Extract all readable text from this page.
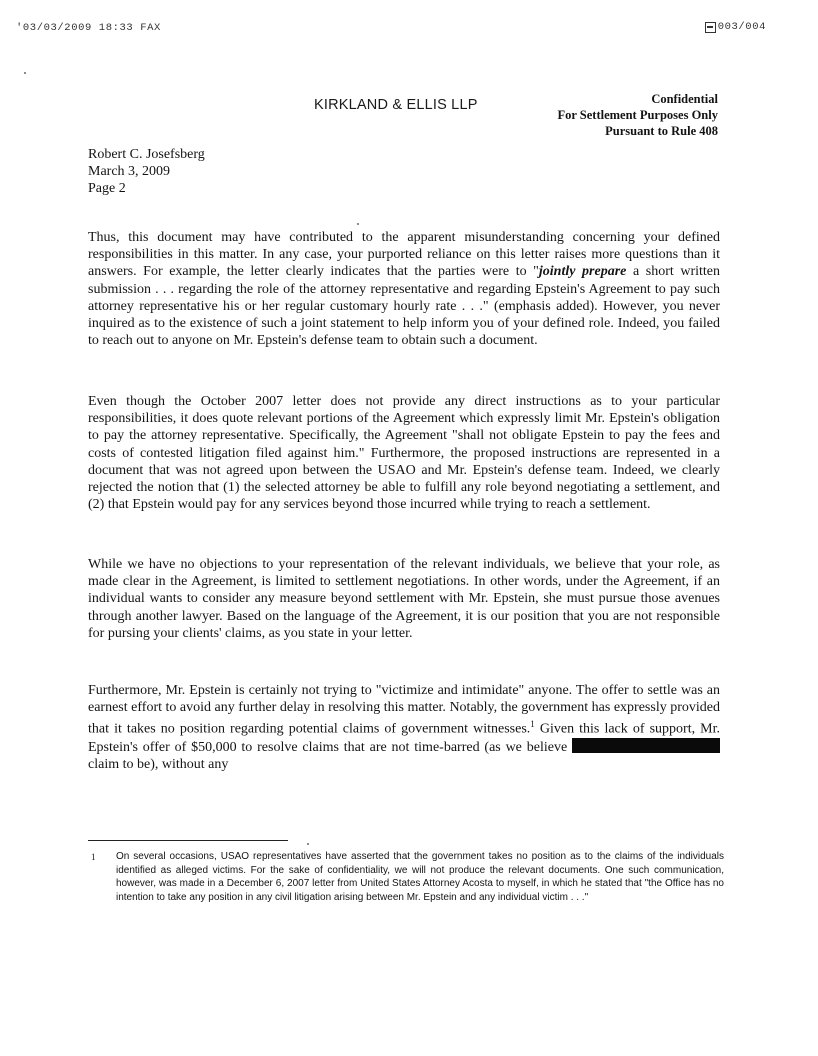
'03/03/2009 18:33 FAX	003/004
KIRKLAND & ELLIS LLP	Confidential
For Settlement Purposes Only
Pursuant to Rule 408
Robert C. Josefsberg
March 3, 2009
Page 2

Thus, this document may have contributed to the apparent misunderstanding concerning your defined responsibilities in this matter. In any case, your purported reliance on this letter raises more questions than it answers. For example, the letter clearly indicates that the parties were to "jointly prepare a short written submission . . . regarding the role of the attorney representative and regarding Epstein's Agreement to pay such attorney representative his or her regular customary hourly rate . . ." (emphasis added). However, you never inquired as to the existence of such a joint statement to help inform you of your defined role. Indeed, you failed to reach out to anyone on Mr. Epstein's defense team to obtain such a document.

Even though the October 2007 letter does not provide any direct instructions as to your particular responsibilities, it does quote relevant portions of the Agreement which expressly limit Mr. Epstein's obligation to pay the attorney representative. Specifically, the Agreement "shall not obligate Epstein to pay the fees and costs of contested litigation filed against him." Furthermore, the proposed instructions are represented in a document that was not agreed upon between the USAO and Mr. Epstein's defense team. Indeed, we clearly rejected the notion that (1) the selected attorney be able to fulfill any role beyond negotiating a settlement, and (2) that Epstein would pay for any services beyond those incurred while trying to reach a settlement.

While we have no objections to your representation of the relevant individuals, we believe that your role, as made clear in the Agreement, is limited to settlement negotiations. In other words, under the Agreement, if an individual wants to consider any measure beyond settlement with Mr. Epstein, she must pursue those avenues through another lawyer. Based on the language of the Agreement, it is our position that you are not responsible for pursing your clients' claims, as you state in your letter.

Furthermore, Mr. Epstein is certainly not trying to "victimize and intimidate" anyone. The offer to settle was an earnest effort to avoid any further delay in resolving this matter. Notably, the government has expressly provided that it takes no position regarding potential claims of government witnesses.$^1$ Given this lack of support, Mr. Epstein's offer of $50,000 to resolve claims that are not time-barred (as we believe  claim to be), without any

1 On several occasions, USAO representatives have asserted that the government takes no position as to the claims of the individuals identified as alleged victims. For the sake of confidentiality, we will not produce the relevant documents. One such communication, however, was made in a December 6, 2007 letter from United States Attorney Acosta to myself, in which he stated that "the Office has no intention to take any position in any civil litigation arising between Mr. Epstein and any individual victim . . ."
